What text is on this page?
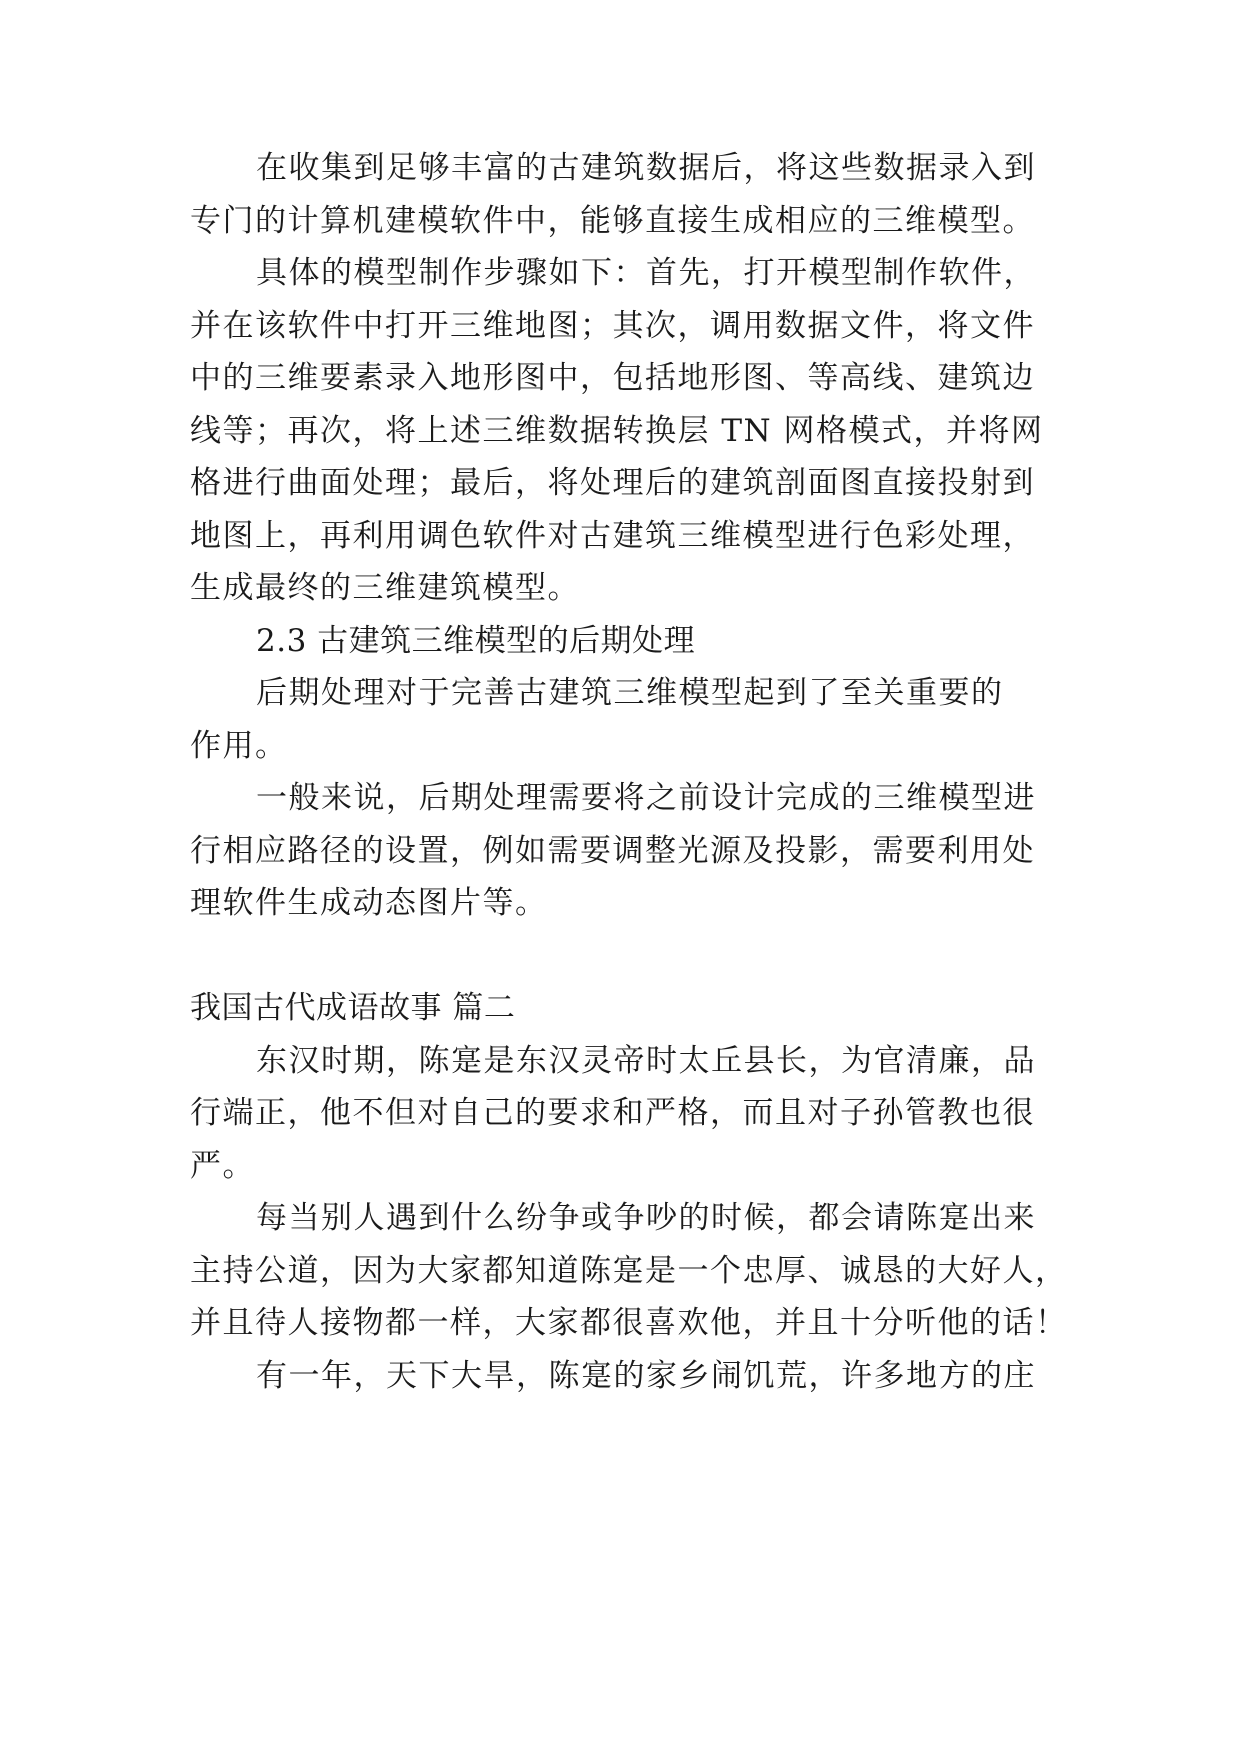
在收集到足够丰富的古建筑数据后，将这些数据录入到
专门的计算机建模软件中，能够直接生成相应的三维模型。
具体的模型制作步骤如下：首先，打开模型制作软件，
并在该软件中打开三维地图；其次，调用数据文件，将文件
中的三维要素录入地形图中，包括地形图、等高线、建筑边
线等；再次，将上述三维数据转换层 TN 网格模式，并将网
格进行曲面处理；最后，将处理后的建筑剖面图直接投射到
地图上，再利用调色软件对古建筑三维模型进行色彩处理，
生成最终的三维建筑模型。
2.3 古建筑三维模型的后期处理
后期处理对于完善古建筑三维模型起到了至关重要的
作用。
一般来说，后期处理需要将之前设计完成的三维模型进
行相应路径的设置，例如需要调整光源及投影，需要利用处
理软件生成动态图片等。
我国古代成语故事 篇二
东汉时期，陈寔是东汉灵帝时太丘县长，为官清廉，品
行端正，他不但对自己的要求和严格，而且对子孙管教也很
严。
每当别人遇到什么纷争或争吵的时候，都会请陈寔出来
主持公道，因为大家都知道陈寔是一个忠厚、诚恳的大好人，
并且待人接物都一样，大家都很喜欢他，并且十分听他的话！
有一年，天下大旱，陈寔的家乡闹饥荒，许多地方的庄
